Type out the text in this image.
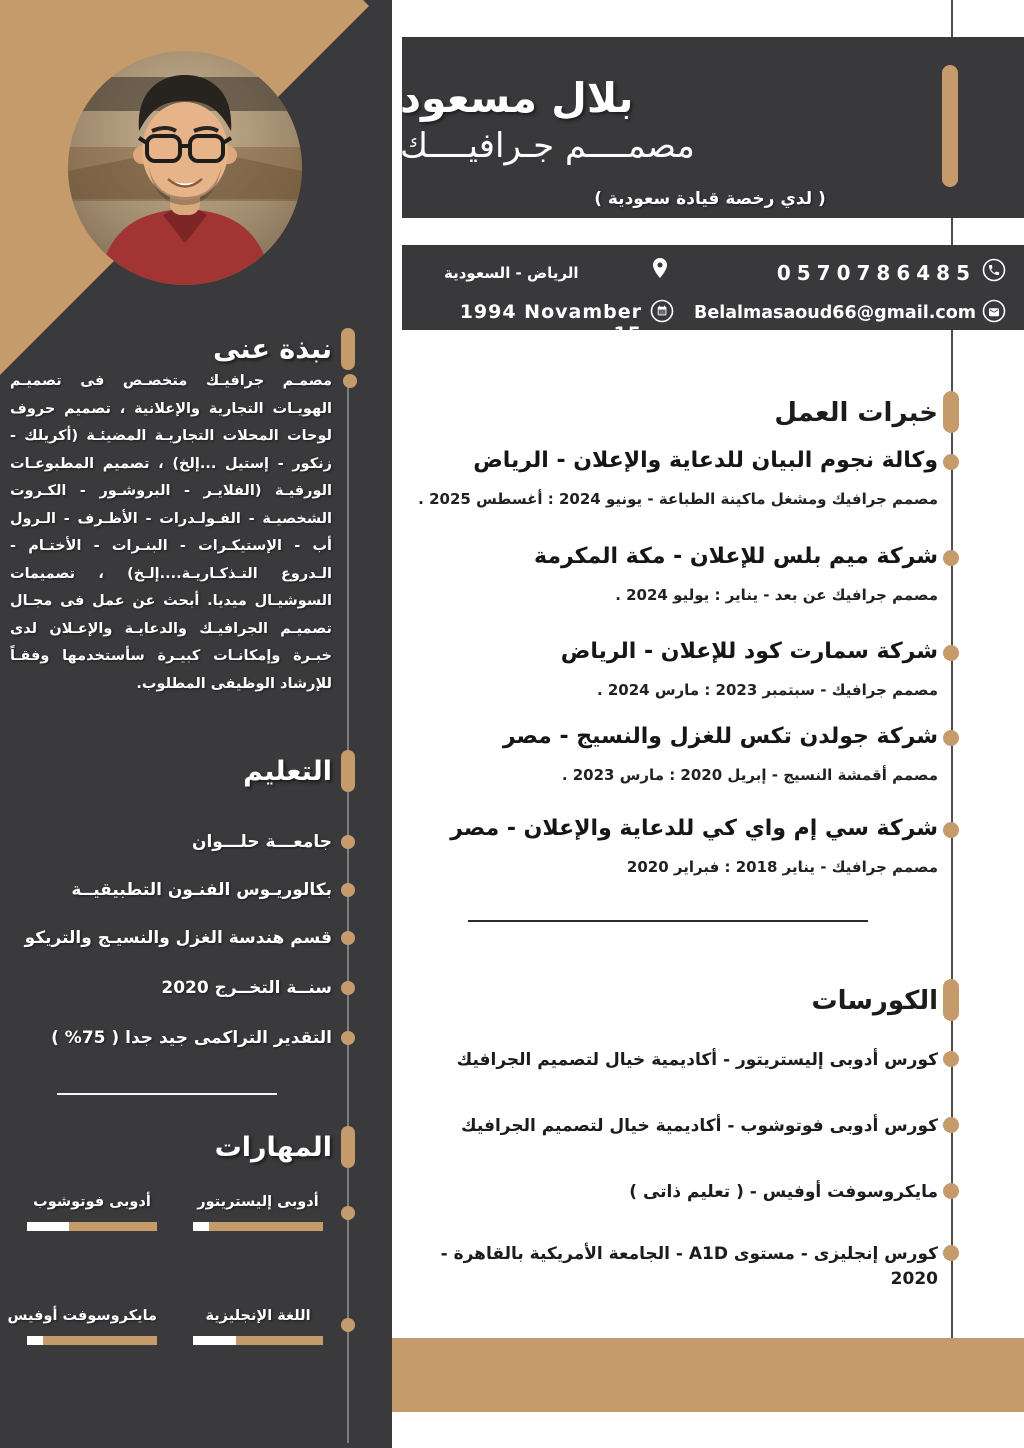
بلال مسعود
مصمــــم جـرافيــــك
( لدي رخصة قيادة سعودية )
0570786485
Belalmasaoud66@gmail.com
الرياض - السعودية
1994 Novamber 15
خبرات العمل
وكالة نجوم البيان للدعاية والإعلان - الرياض
مصمم جرافيك ومشغل ماكينة الطباعة - يونيو 2024 : أغسطس 2025 .
شركة ميم بلس للإعلان - مكة المكرمة
مصمم جرافيك عن بعد - يناير : يوليو 2024 .
شركة سمارت كود للإعلان - الرياض
مصمم جرافيك - سبتمبر 2023 : مارس 2024 .
شركة جولدن تكس للغزل والنسيج - مصر
مصمم أقمشة النسيج - إبريل 2020 : مارس 2023 .
شركة سي إم واي كي للدعاية والإعلان - مصر
مصمم جرافيك - يناير 2018 : فبراير 2020
الكورسات
كورس أدوبى إليستريتور - أكاديمية خيال لتصميم الجرافيك
كورس أدوبى فوتوشوب - أكاديمية خيال لتصميم الجرافيك
مايكروسوفت أوفيس - ( تعليم ذاتى )
كورس إنجليزى - مستوى A1D - الجامعة الأمريكية بالقاهرة - 2020
نبذة عنى
مصمـم جرافيـك متخصـص فى تصميـم الهويـات التجارية والإعلانية ، تصميم حروف لوحات المحلات التجاريـة المضيئـة (أكريلك - زنكور - إستيل ...إلخ) ، تصميم المطبوعـات الورقيـة (الفلايـر - البروشـور - الكـروت الشخصيـة - الفـولـدرات - الأظـرف - الـرول أب - الإستيكـرات - البنـرات - الأختـام - الـدروع التـذكـاريـة....إلـخ) ، تصميمات السوشيـال ميديا. أبحث عن عمل فى مجـال تصميـم الجرافيـك والدعايـة والإعـلان لدى خبـرة وإمكانـات كبيـرة سأستخدمها وفقـاً للإرشاد الوظيفى المطلوب.
التعليم
جامعـــة حلـــوان
بكالوريـوس الفنـون التطبيقيــة
قسم هندسة الغزل والنسيـج والتريكو
سنــة التخــرج 2020
التقدير التراكمى جيد جدا ( 75% )
المهارات
أدوبى إليستريتور
أدوبى فوتوشوب
اللغة الإنجليزية
مايكروسوفت أوفيس
